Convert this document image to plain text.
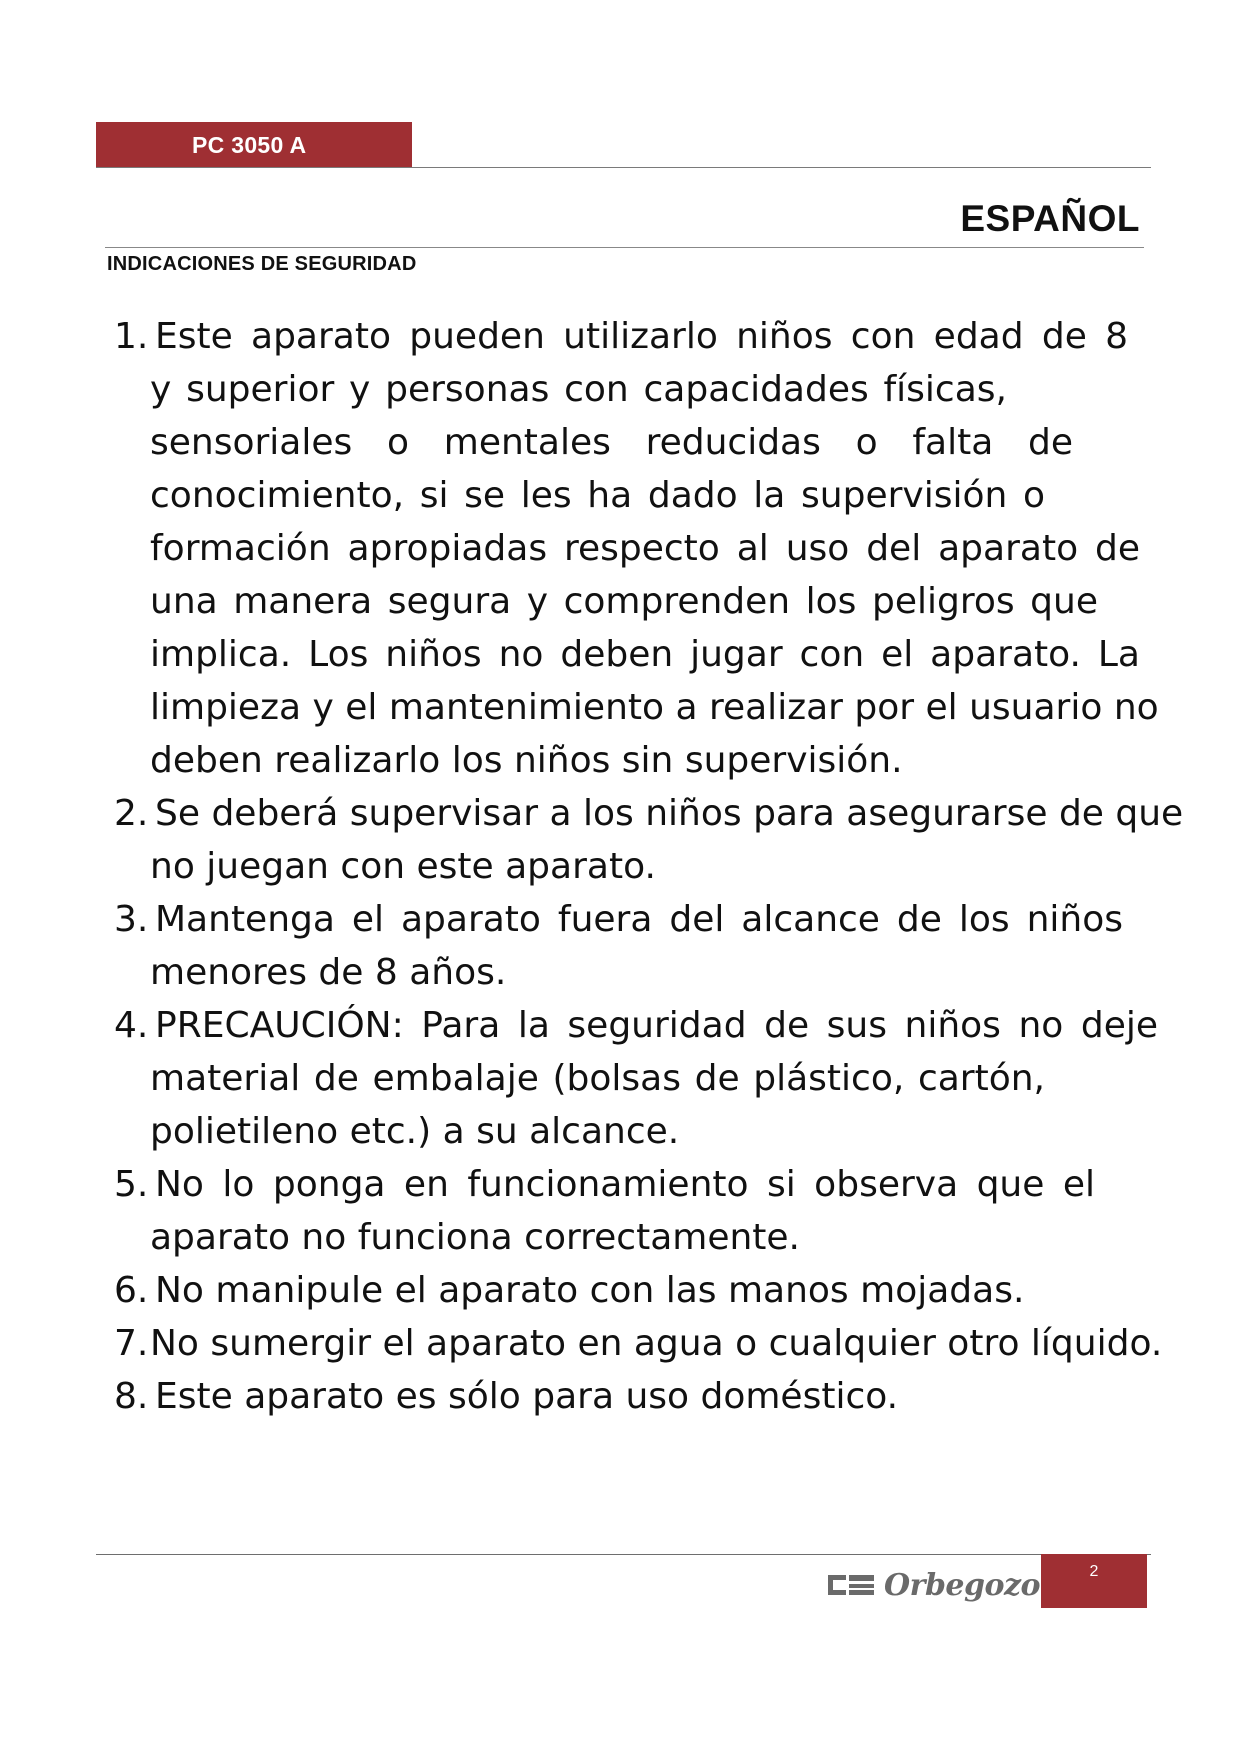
PC 3050 A
ESPAÑOL
INDICACIONES DE SEGURIDAD
1. Este aparato pueden utilizarlo niños con edad de 8
y superior y personas con capacidades físicas,
sensoriales o mentales reducidas o falta de
conocimiento, si se les ha dado la supervisión o
formación apropiadas respecto al uso del aparato de
una manera segura y comprenden los peligros que
implica. Los niños no deben jugar con el aparato. La
limpieza y el mantenimiento a realizar por el usuario no
deben realizarlo los niños sin supervisión.
2. Se deberá supervisar a los niños para asegurarse de que
no juegan con este aparato.
3. Mantenga el aparato fuera del alcance de los niños
menores de 8 años.
4. PRECAUCIÓN: Para la seguridad de sus niños no deje
material de embalaje (bolsas de plástico, cartón,
polietileno etc.) a su alcance.
5. No lo ponga en funcionamiento si observa que el
aparato no funciona correctamente.
6. No manipule el aparato con las manos mojadas.
7. No sumergir el aparato en agua o cualquier otro líquido.
8. Este aparato es sólo para uso doméstico.
Orbegozo	2
